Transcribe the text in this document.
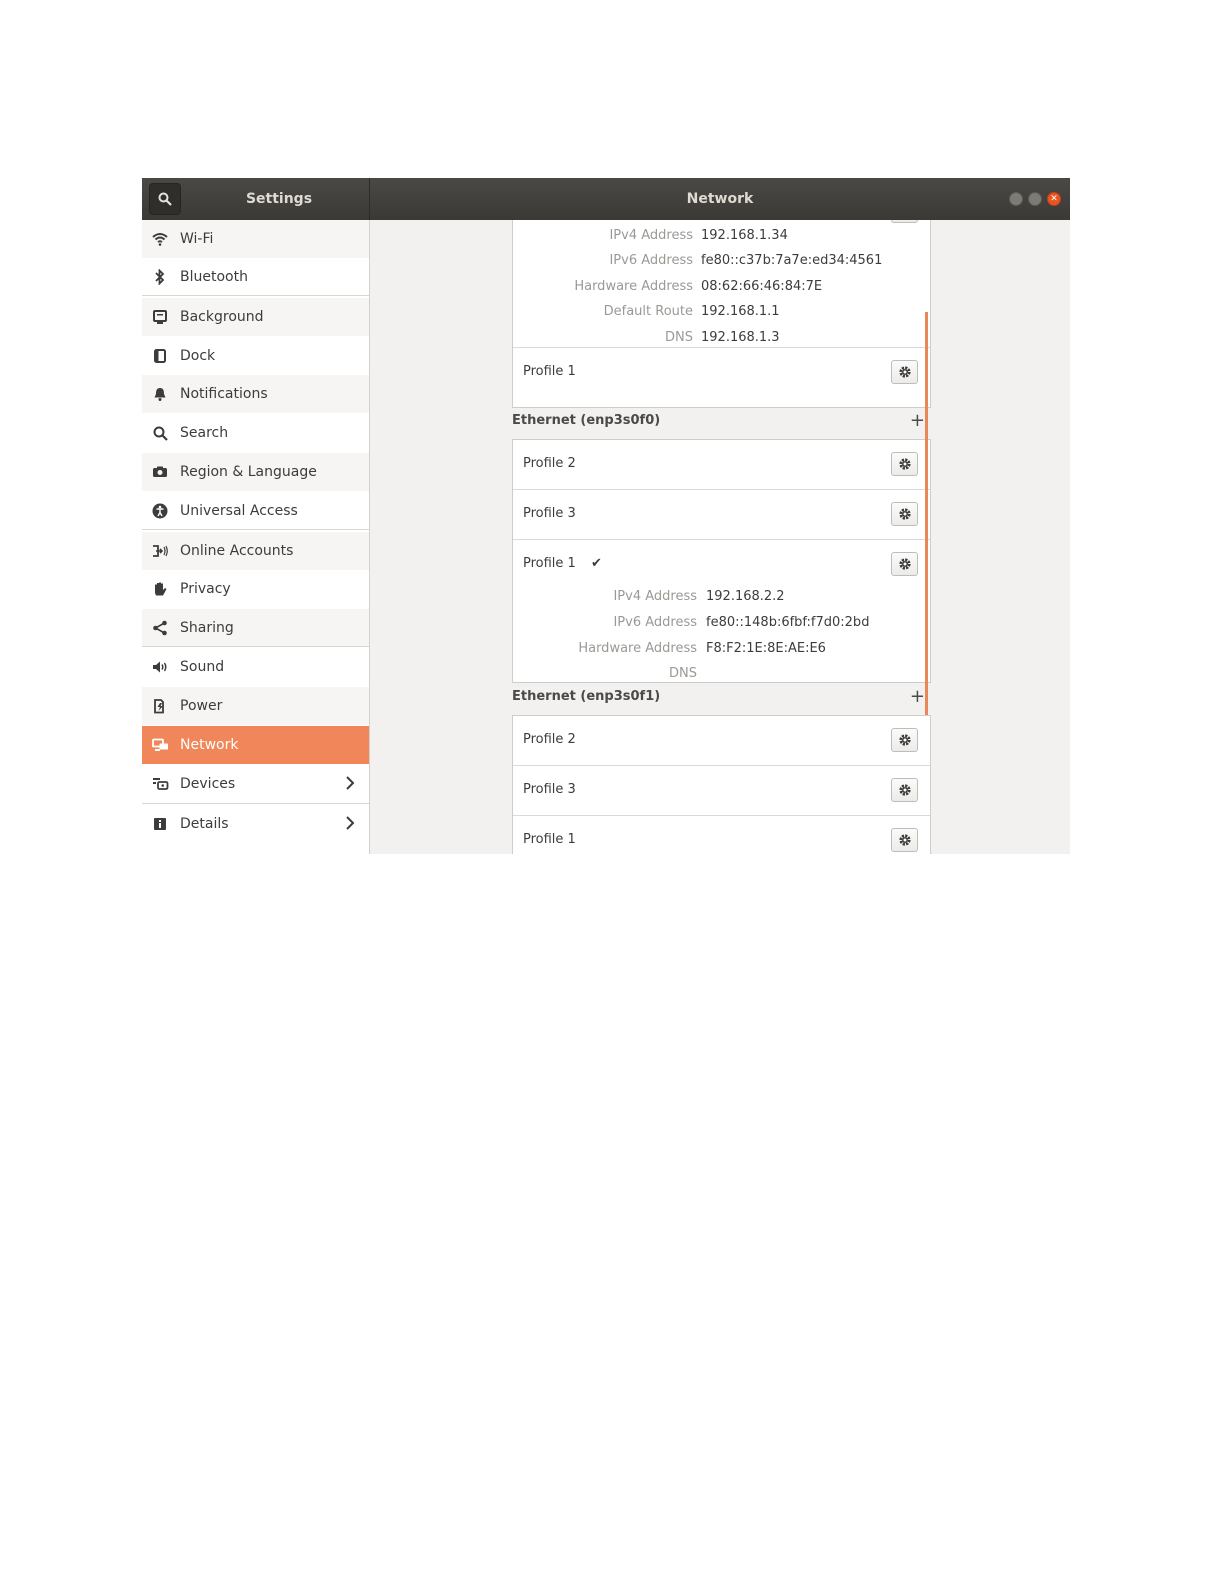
Settings	Network	✕
Wi-Fi
Bluetooth
Background
Dock
Notifications
Search
Region & Language
Universal Access
Online Accounts
Privacy
Sharing
Sound
Power
Network
Devices
Details
IPv4 Address 192.168.1.34
IPv6 Address fe80::c37b:7a7e:ed34:4561
Hardware Address 08:62:66:46:84:7E
Default Route 192.168.1.1
DNS 192.168.1.3
Profile 1
Ethernet (enp3s0f0)	+
Profile 2
Profile 3
Profile 1 ✔
IPv4 Address 192.168.2.2
IPv6 Address fe80::148b:6fbf:f7d0:2bd
Hardware Address F8:F2:1E:8E:AE:E6
DNS
Ethernet (enp3s0f1)	+
Profile 2
Profile 3
Profile 1
